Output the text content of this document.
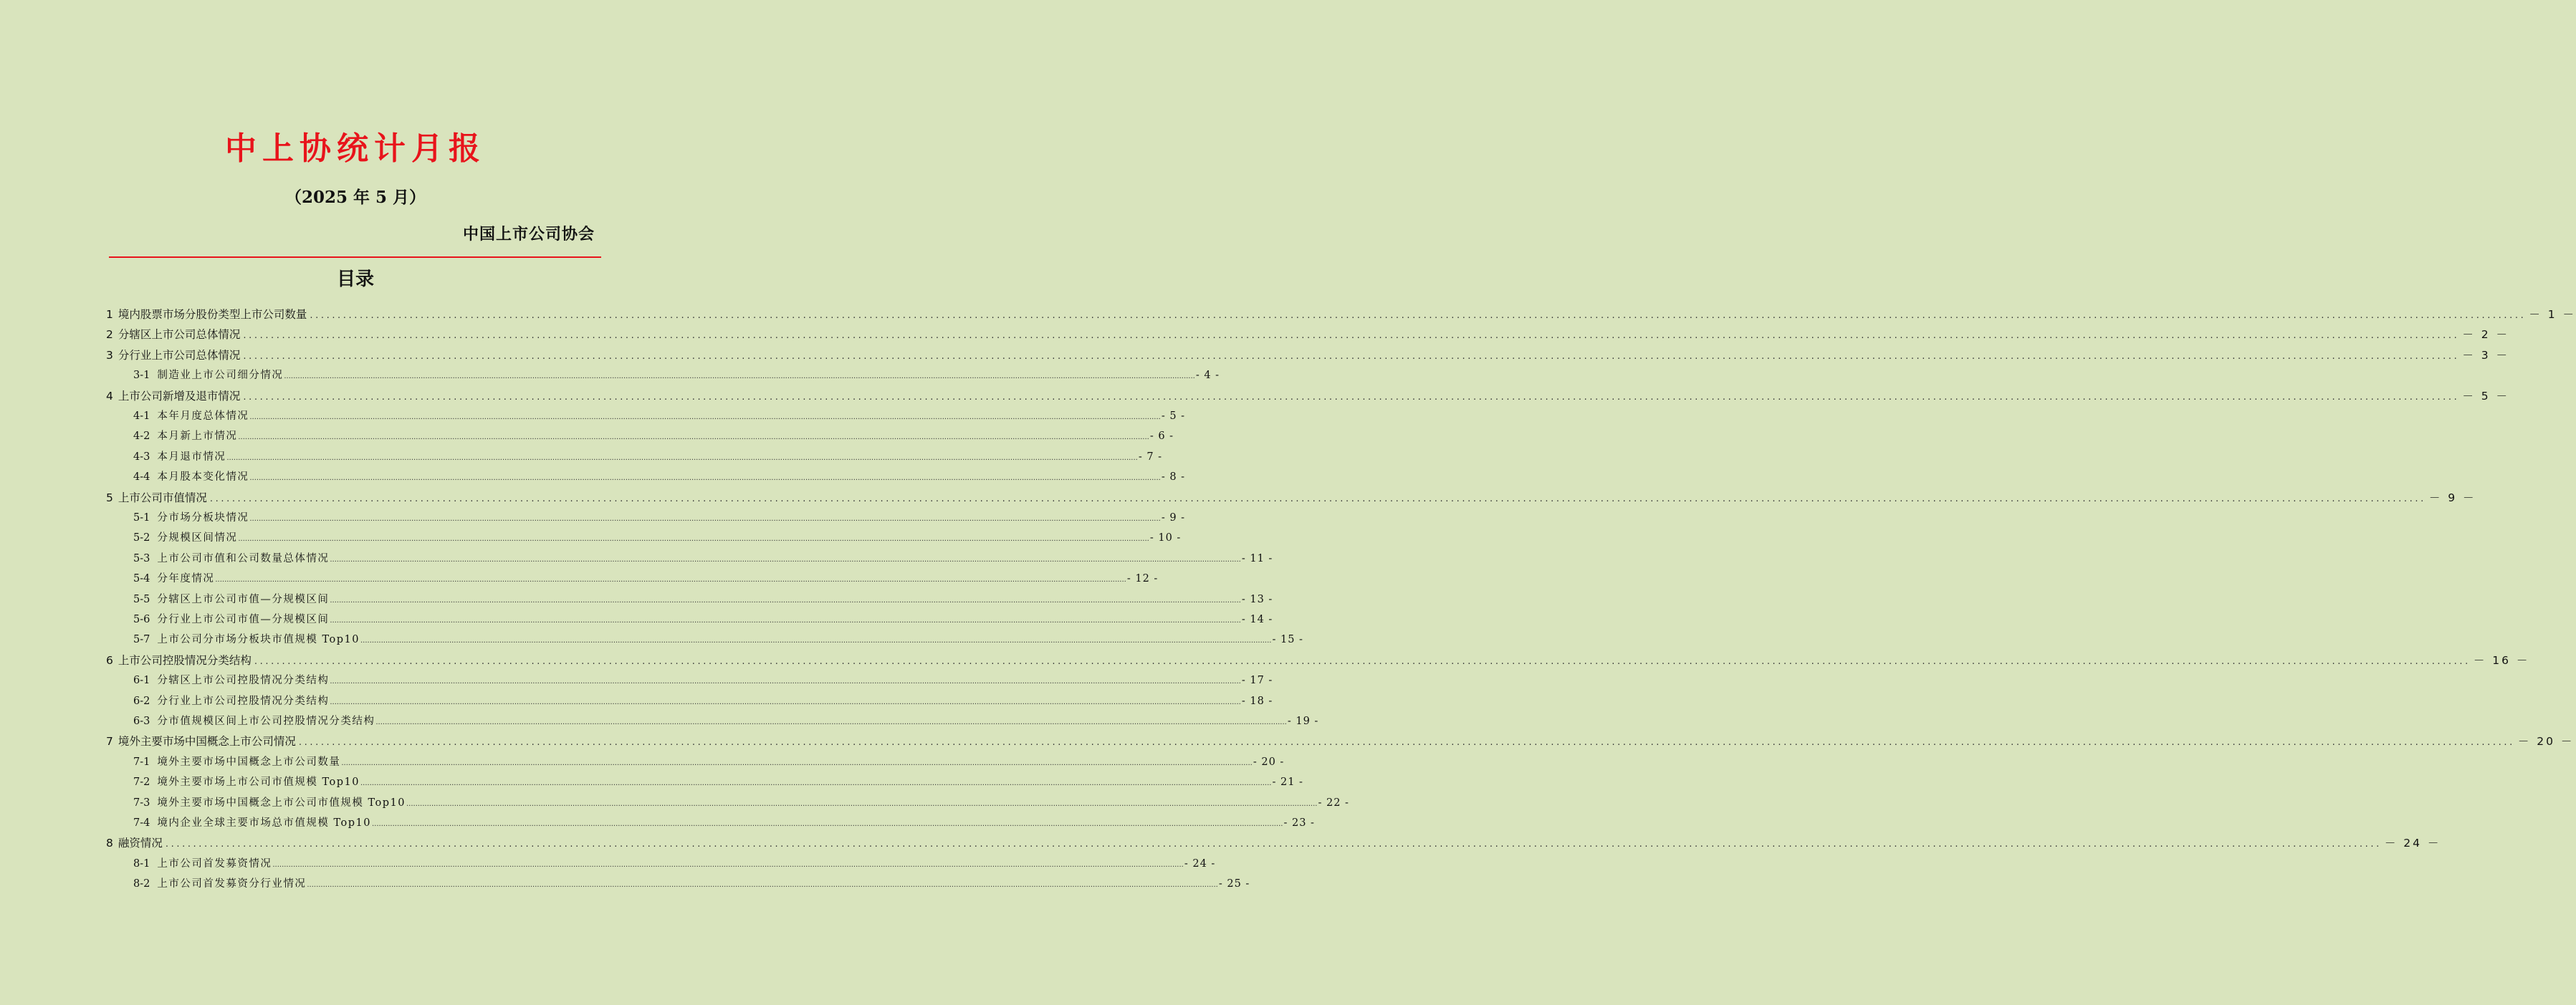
中上协统计月报
（2025 年 5 月）
中国上市公司协会
目录
1 境内股票市场分股份类型上市公司数量 ................................................................................................................................................................................................................................................................................................................................................................................................................ － 1 －
2 分辖区上市公司总体情况 ................................................................................................................................................................................................................................................................................................................................................................................................................ － 2 －
3 分行业上市公司总体情况 ................................................................................................................................................................................................................................................................................................................................................................................................................ － 3 －
3-1 制造业上市公司细分情况 ................................................................................................................................................................................................................................................................................................................................................................................................................ - 4 -
4 上市公司新增及退市情况 ................................................................................................................................................................................................................................................................................................................................................................................................................ － 5 －
4-1 本年月度总体情况 ................................................................................................................................................................................................................................................................................................................................................................................................................ - 5 -
4-2 本月新上市情况 ................................................................................................................................................................................................................................................................................................................................................................................................................ - 6 -
4-3 本月退市情况 ................................................................................................................................................................................................................................................................................................................................................................................................................ - 7 -
4-4 本月股本变化情况 ................................................................................................................................................................................................................................................................................................................................................................................................................ - 8 -
5 上市公司市值情况 ................................................................................................................................................................................................................................................................................................................................................................................................................ － 9 －
5-1 分市场分板块情况 ................................................................................................................................................................................................................................................................................................................................................................................................................ - 9 -
5-2 分规模区间情况 ................................................................................................................................................................................................................................................................................................................................................................................................................ - 10 -
5-3 上市公司市值和公司数量总体情况 ................................................................................................................................................................................................................................................................................................................................................................................................................ - 11 -
5-4 分年度情况 ................................................................................................................................................................................................................................................................................................................................................................................................................ - 12 -
5-5 分辖区上市公司市值—分规模区间 ................................................................................................................................................................................................................................................................................................................................................................................................................ - 13 -
5-6 分行业上市公司市值—分规模区间 ................................................................................................................................................................................................................................................................................................................................................................................................................ - 14 -
5-7 上市公司分市场分板块市值规模 Top10 ................................................................................................................................................................................................................................................................................................................................................................................................................ - 15 -
6 上市公司控股情况分类结构 ................................................................................................................................................................................................................................................................................................................................................................................................................ － 16 －
6-1 分辖区上市公司控股情况分类结构 ................................................................................................................................................................................................................................................................................................................................................................................................................ - 17 -
6-2 分行业上市公司控股情况分类结构 ................................................................................................................................................................................................................................................................................................................................................................................................................ - 18 -
6-3 分市值规模区间上市公司控股情况分类结构 ................................................................................................................................................................................................................................................................................................................................................................................................................ - 19 -
7 境外主要市场中国概念上市公司情况 ................................................................................................................................................................................................................................................................................................................................................................................................................ － 20 －
7-1 境外主要市场中国概念上市公司数量 ................................................................................................................................................................................................................................................................................................................................................................................................................ - 20 -
7-2 境外主要市场上市公司市值规模 Top10 ................................................................................................................................................................................................................................................................................................................................................................................................................ - 21 -
7-3 境外主要市场中国概念上市公司市值规模 Top10 ................................................................................................................................................................................................................................................................................................................................................................................................................ - 22 -
7-4 境内企业全球主要市场总市值规模 Top10 ................................................................................................................................................................................................................................................................................................................................................................................................................ - 23 -
8 融资情况 ................................................................................................................................................................................................................................................................................................................................................................................................................ － 24 －
8-1 上市公司首发募资情况 ................................................................................................................................................................................................................................................................................................................................................................................................................ - 24 -
8-2 上市公司首发募资分行业情况 ................................................................................................................................................................................................................................................................................................................................................................................................................ - 25 -
